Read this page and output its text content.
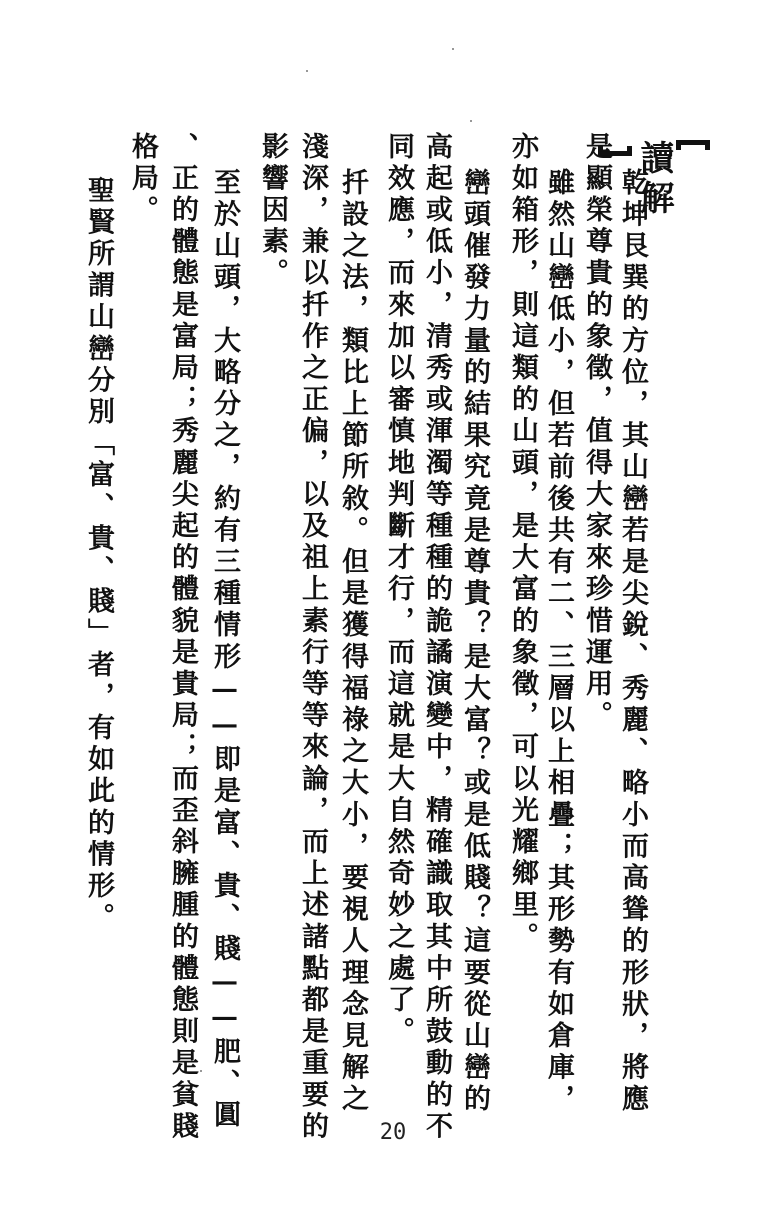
讀解
乾坤艮巽的方位，其山巒若是尖銳、秀麗、略小而高聳的形狀，將應
是顯榮尊貴的象徵，值得大家來珍惜運用。
雖然山巒低小，但若前後共有二、三層以上相疊；其形勢有如倉庫，
亦如箱形，則這類的山頭，是大富的象徵，可以光耀鄉里。
巒頭催發力量的結果究竟是尊貴？是大富？或是低賤？這要從山巒的
高起或低小，清秀或渾濁等種種的詭譎演變中，精確識取其中所鼓動的不
同效應，而來加以審慎地判斷才行，而這就是大自然奇妙之處了。
扦設之法，類比上節所敘。但是獲得福祿之大小，要視人理念見解之
淺深，兼以扦作之正偏，以及祖上素行等等來論，而上述諸點都是重要的
影響因素。
至於山頭，大略分之，約有三種情形——即是富、貴、賤——肥、圓
、正的體態是富局；秀麗尖起的體貌是貴局；而歪斜臃腫的體態則是貧賤
格局。
聖賢所謂山巒分別「富、貴、賤」者，有如此的情形。
20
